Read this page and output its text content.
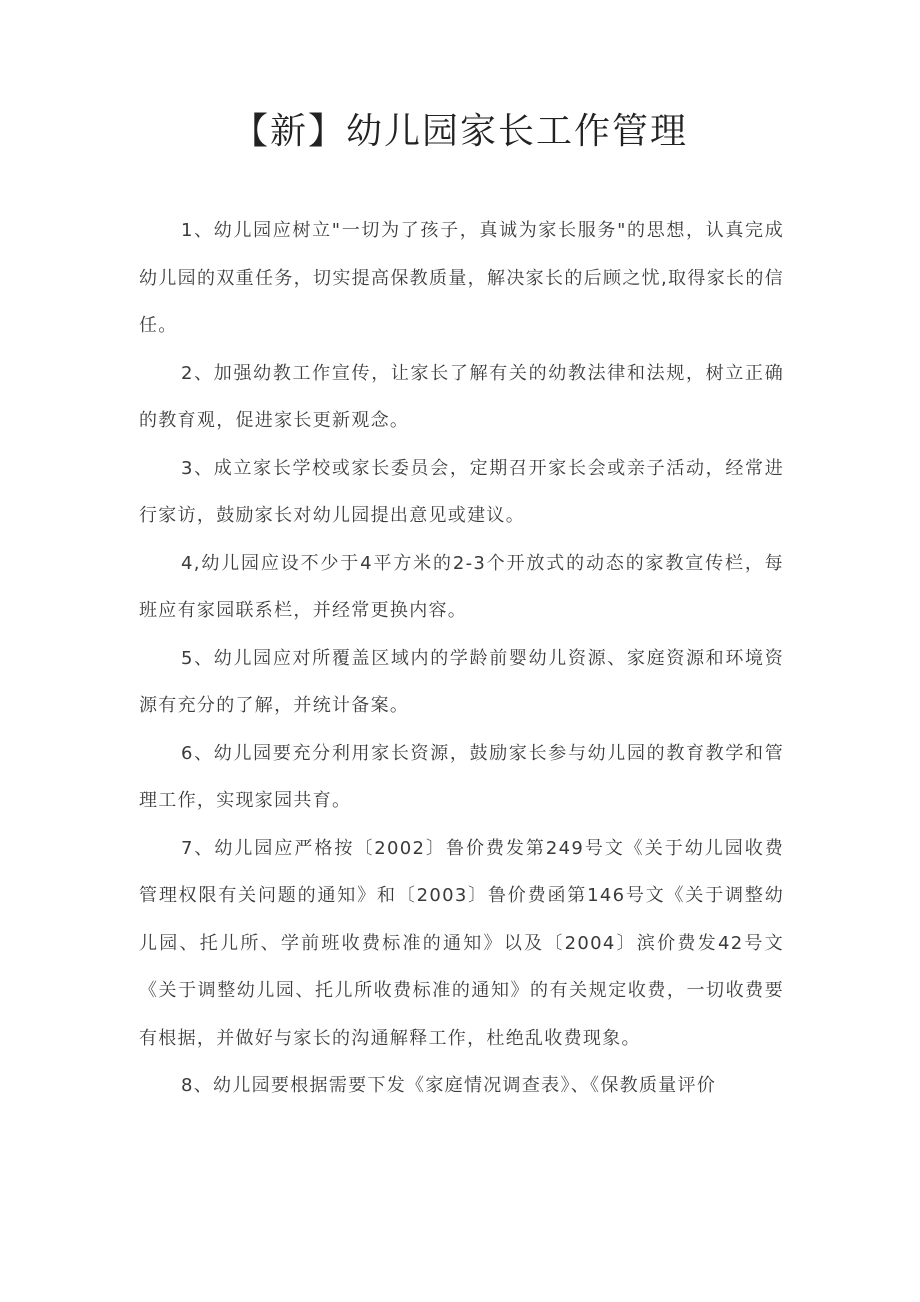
【新】幼儿园家长工作管理

1、幼儿园应树立"一切为了孩子，真诚为家长服务"的思想，认真完成幼儿园的双重任务，切实提高保教质量，解决家长的后顾之忧,取得家长的信任。

2、加强幼教工作宣传，让家长了解有关的幼教法律和法规，树立正确的教育观，促进家长更新观念。

3、成立家长学校或家长委员会，定期召开家长会或亲子活动，经常进行家访，鼓励家长对幼儿园提出意见或建议。

4,幼儿园应设不少于4平方米的2-3个开放式的动态的家教宣传栏，每班应有家园联系栏，并经常更换内容。

5、幼儿园应对所覆盖区域内的学龄前婴幼儿资源、家庭资源和环境资源有充分的了解，并统计备案。

6、幼儿园要充分利用家长资源，鼓励家长参与幼儿园的教育教学和管理工作，实现家园共育。

7、幼儿园应严格按〔2002〕鲁价费发第249号文《关于幼儿园收费管理权限有关问题的通知》和〔2003〕鲁价费函第146号文《关于调整幼儿园、托儿所、学前班收费标准的通知》以及〔2004〕滨价费发42号文《关于调整幼儿园、托儿所收费标准的通知》的有关规定收费，一切收费要有根据，并做好与家长的沟通解释工作，杜绝乱收费现象。

8、幼儿园要根据需要下发《家庭情况调查表》、《保教质量评价
